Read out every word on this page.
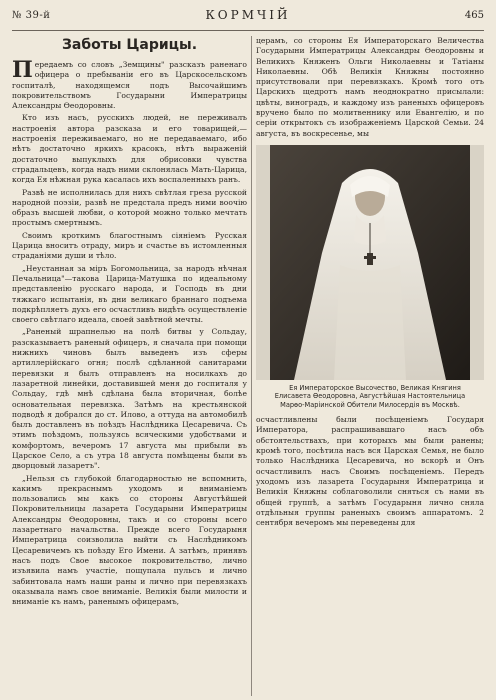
№ 39-й	КОРМЧІЙ	465
Заботы Царицы.

Передаемъ со словъ „Земщины" разсказъ раненаго офицера о пребываніи его въ Царскосельскомъ госпиталѣ, находящемся подъ Высочайшимъ покровительствомъ Государыни Императрицы Александры Ѳеодоровны.

Кто изъ насъ, русскихъ людей, не переживалъ настроенія автора разсказа и его товарищей,—настроенія переживаемаго, но не передаваемаго, ибо нѣтъ достаточно яркихъ красокъ, нѣтъ выраженій достаточно выпуклыхъ для обрисовки чувства страдальцевъ, когда надъ ними склонялась Мать-Царица, когда Ея нѣжная рука касалась ихъ воспаленныхъ ранъ.

Развѣ не исполнилась для нихъ свѣтлая греза русской народной поэзіи, развѣ не предстала предъ ними воочію образъ высшей любви, о которой можно только мечтать простымъ смертнымъ.

Своимъ кроткимъ благостнымъ сіяніемъ Русская Царица вноситъ отраду, миръ и счастье въ истомленныя страданіями души и тѣло.

„Неустанная за міръ Богомольница, за народъ нѣчная Печальница"—такова Царица-Матушка по идеальному представленію русскаго народа, и Господь въ дни тяжкаго испытанія, въ дни великаго браннаго подъема подкрѣпляетъ духъ его осчастливъ видѣть осуществленіе своего свѣтлаго идеала, своей завѣтной мечты.

„Раненый шрапнелью на полѣ битвы у Сольдау, разсказываетъ раненый офицеръ, я сначала при помощи нижнихъ чиновъ былъ выведенъ изъ сферы артиллерійскаго огня; послѣ сдѣланной санитарами перевязки я былъ отправленъ на носилкахъ до лазаретной линейки, доставившей меня до госпиталя у Сольдау, гдѣ мнѣ сдѣлана была вторичная, болѣе основательная перевязка. Затѣмъ на крестьянской подводѣ я добрался до ст. Илово, а оттуда на автомобилѣ былъ доставленъ въ поѣздъ Наслѣдника Цесаревича. Съ этимъ поѣздомъ, пользуясь всяческими удобствами и комфортомъ, вечеромъ 17 августа мы прибыли въ Царское Село, а съ утра 18 августа помѣщены были въ дворцовый лазаретъ".

„Нельзя съ глубокой благодарностью не вспомнить, какимъ прекраснымъ уходомъ и вниманіемъ пользовались мы какъ со стороны Августѣйшей Покровительницы лазарета Государыни Императрицы Александры Ѳеодоровны, такъ и со стороны всего лазаретнаго начальства. Прежде всего Государыня Императрица соизволила выйти съ Наслѣдникомъ Цесаревичемъ къ поѣзду Его Имени. А затѣмъ, принявъ насъ подъ Свое высокое покровительство, лично изъявила намъ участіе, пощупала пульсъ и лично забинтовала намъ наши раны и лично при перевязкахъ оказывала намъ свое вниманіе. Великія были милости и вниманіе къ намъ, раненымъ офицерамъ,

церамъ, со стороны Ея Императорскаго Величества Государыни Императрицы Александры Ѳеодоровны и Великихъ Княженъ Ольги Николаевны и Татіаны Николаевны. Обѣ Великія Княжны постоянно присутствовали при перевязкахъ. Кромѣ того отъ Царскихъ щедротъ намъ неоднократно присылали: цвѣты, виноградъ, и каждому изъ раненыхъ офицеровъ вручено было по молитвеннику или Евангелію, и по серіи открытокъ съ изображеніемъ Царской Семьи. 24 августа, въ воскресенье, мы

Ея Императорское Высочество, Великая Княгиня Елисавета Ѳеодоровна, Августѣйшая Настоятельница Марѳо-Маріинской Обители Милосердія въ Москвѣ.

осчастливлены были посѣщеніемъ Государя Императора, распрашивавшаго насъ объ обстоятельствахъ, при которыхъ мы были ранены; кромѣ того, посѣтила насъ вся Царская Семья, не было только Наслѣдника Цесаревича, но вскорѣ и Онъ осчастливилъ насъ Своимъ посѣщеніемъ. Передъ уходомъ изъ лазарета Государыня Императрица и Великія Княжны соблаговолили сняться съ нами въ общей группѣ, а затѣмъ Государыня лично сняла отдѣльныя группы раненыхъ своимъ аппаратомъ. 2 сентября вечеромъ мы переведены для
